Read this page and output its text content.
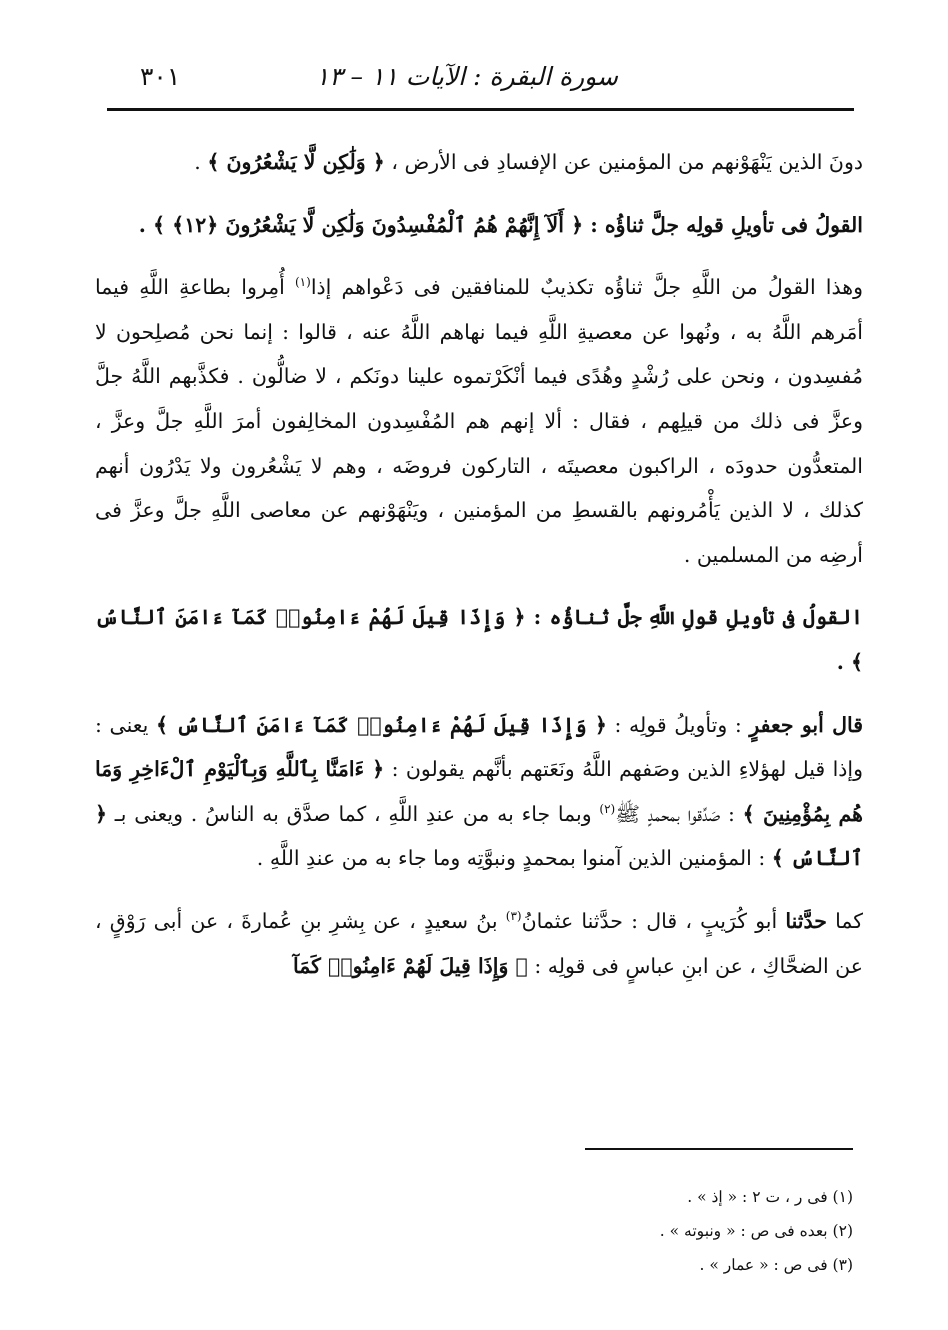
سورة البقرة : الآيات ١١ – ١٣
٣٠١

دونَ الذين يَنْهَوْنهم من المؤمنين عن الإفسادِ فى الأرض ، ﴿ وَلَٰكِن لَّا يَشْعُرُونَ ﴾ .

القولُ فى تأويلِ قولِه جلَّ ثناؤُه : ﴿ أَلَآ إِنَّهُمْ هُمُ ٱلْمُفْسِدُونَ وَلَٰكِن لَّا يَشْعُرُونَ ﴿١٢﴾ ﴾ .

وهذا القولُ من اللَّهِ جلَّ ثناؤُه تكذيبٌ للمنافقين فى دَعْواهم إذا$^{(١)}$ أُمِروا بطاعةِ اللَّهِ فيما أمَرهم اللَّهُ به ، ونُهوا عن معصيةِ اللَّهِ فيما نهاهم اللَّهُ عنه ، قالوا : إنما نحن مُصلِحون لا مُفسِدون ، ونحن على رُشْدٍ وهُدًى فيما أنْكَرْتموه علينا دونَكم ، لا ضالُّون . فكذَّبهم اللَّهُ جلَّ وعزَّ فى ذلك من قيلِهم ، فقال : ألا إنهم هم المُفْسِدون المخالِفون أمرَ اللَّهِ جلَّ وعزَّ ، المتعدُّون حدودَه ، الراكبون معصيتَه ، التاركون فروضَه ، وهم لا يَشْعُرون ولا يَدْرُون أنهم كذلك ، لا الذين يَأْمُرونهم بالقسطِ من المؤمنين ، ويَنْهَوْنهم عن معاصى اللَّهِ جلَّ وعزَّ فى أرضِه من المسلمين .

القولُ فى تأويلِ قولِ اللَّهِ جلَّ ثناؤُه : ﴿ وَإِذَا قِيلَ لَهُمْ ءَامِنُوا۟ كَمَآ ءَامَنَ ٱلنَّاسُ ﴾ .

قال أبو جعفرٍ : وتأويلُ قولِه : ﴿ وَإِذَا قِيلَ لَهُمْ ءَامِنُوا۟ كَمَآ ءَامَنَ ٱلنَّاسُ ﴾ يعنى : وإذا قيل لهؤلاءِ الذين وصَفهم اللَّهُ ونَعَتهم بأنَّهم يقولون : ﴿ ءَامَنَّا بِٱللَّهِ وَبِٱلْيَوْمِ ٱلْءَاخِرِ وَمَا هُم بِمُؤْمِنِينَ ﴾ : صَدِّقوا بمحمدٍ ﷺ$^{(٢)}$ وبما جاء به من عندِ اللَّهِ ، كما صدَّق به الناسُ . ويعنى بـ ﴿ ٱلنَّاسُ ﴾ : المؤمنين الذين آمنوا بمحمدٍ ونبوَّتِه وما جاء به من عندِ اللَّهِ .

كما حدَّثنا أبو كُرَيبٍ ، قال : حدَّثنا عثمانُ$^{(٣)}$ بنُ سعيدٍ ، عن بِشرِ بنِ عُمارةَ ، عن أبى رَوْقٍ ، عن الضحَّاكِ ، عن ابنِ عباسٍ فى قولِه : ﴿ وَإِذَا قِيلَ لَهُمْ ءَامِنُوا۟ كَمَآ

(١) فى ر ، ت ٢ : « إذ » .
(٢) بعده فى ص : « ونبوته » .
(٣) فى ص : « عمار » .
